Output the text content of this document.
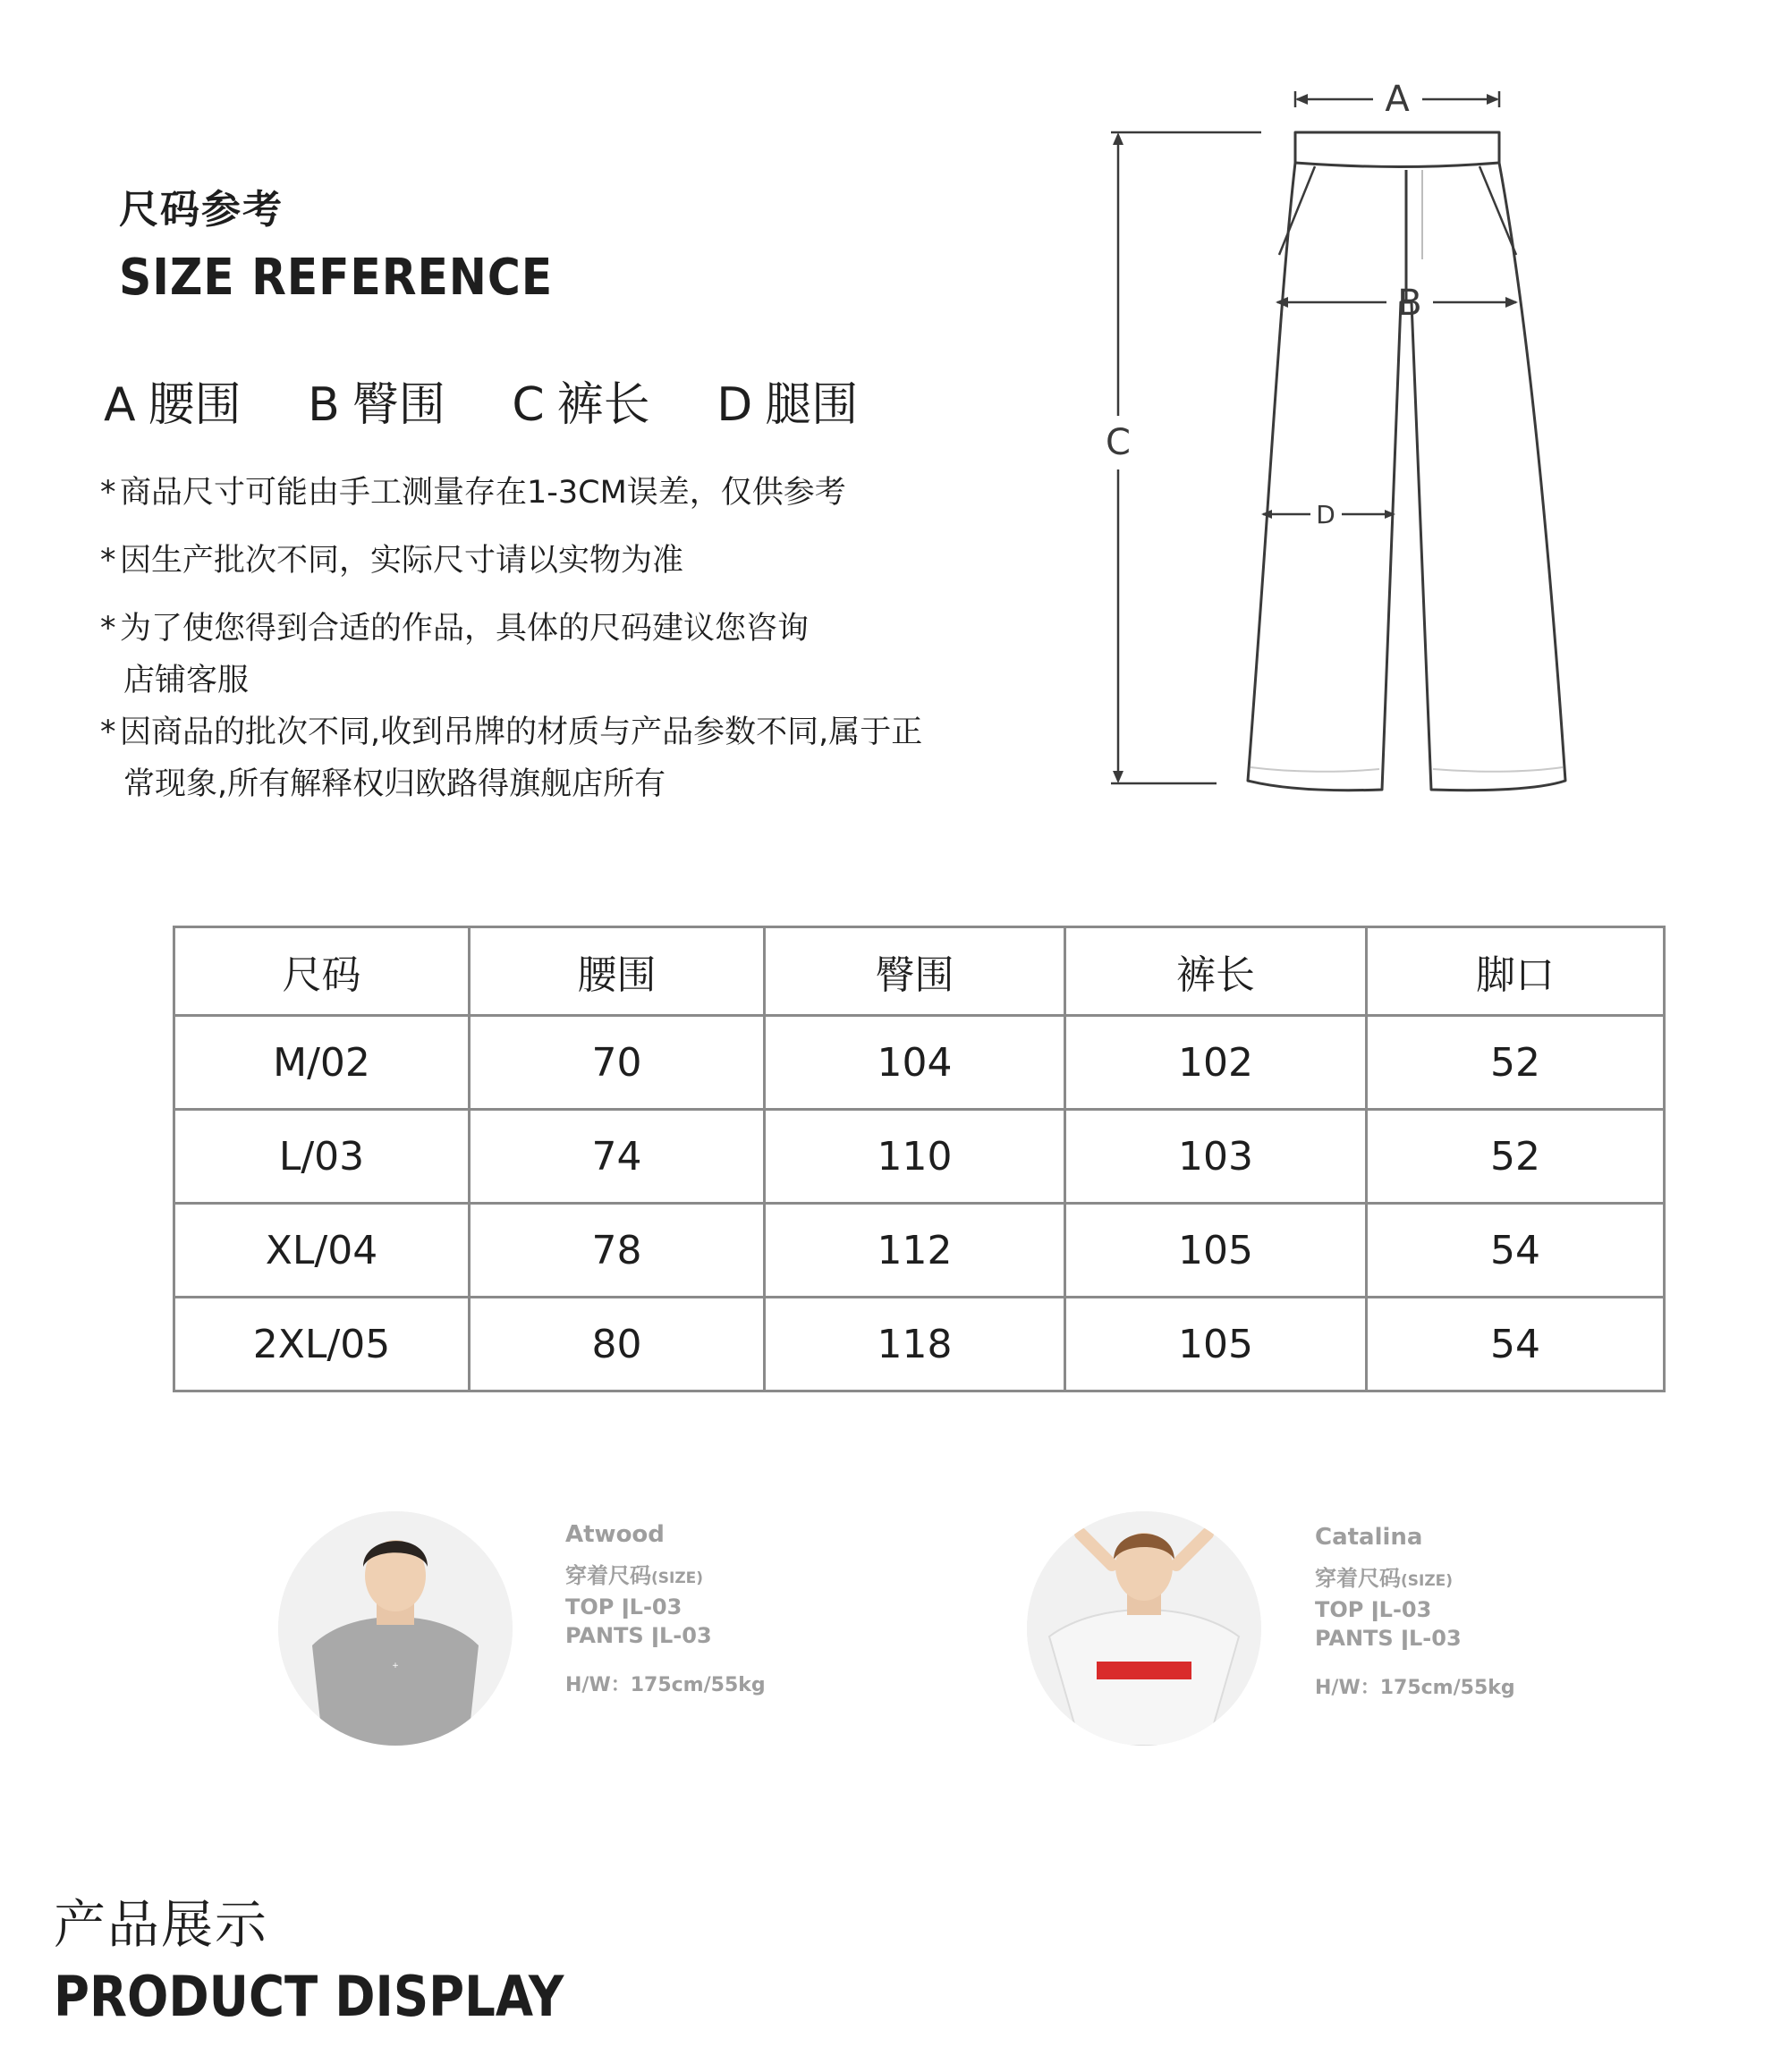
尺码参考
SIZE REFERENCE
A 腰围 B 臀围 C 裤长 D 腿围
* 商品尺寸可能由手工测量存在1-3CM误差，仅供参考
* 因生产批次不同，实际尺寸请以实物为准
* 为了使您得到合适的作品，具体的尺码建议您咨询
店铺客服
* 因商品的批次不同,收到吊牌的材质与产品参数不同,属于正
常现象,所有解释权归欧路得旗舰店所有
A
B
C
D
尺码	腰围	臀围	裤长	脚口
M/02	70	104	102	52
L/03	74	110	103	52
XL/04	78	112	105	54
2XL/05	80	118	105	54
+
Atwood
穿着尺码(SIZE)
TOP ǀL-03
PANTS ǀL-03
H/W：175cm/55kg
Catalina
穿着尺码(SIZE)
TOP ǀL-03
PANTS ǀL-03
H/W：175cm/55kg
产品展示
PRODUCT DISPLAY
